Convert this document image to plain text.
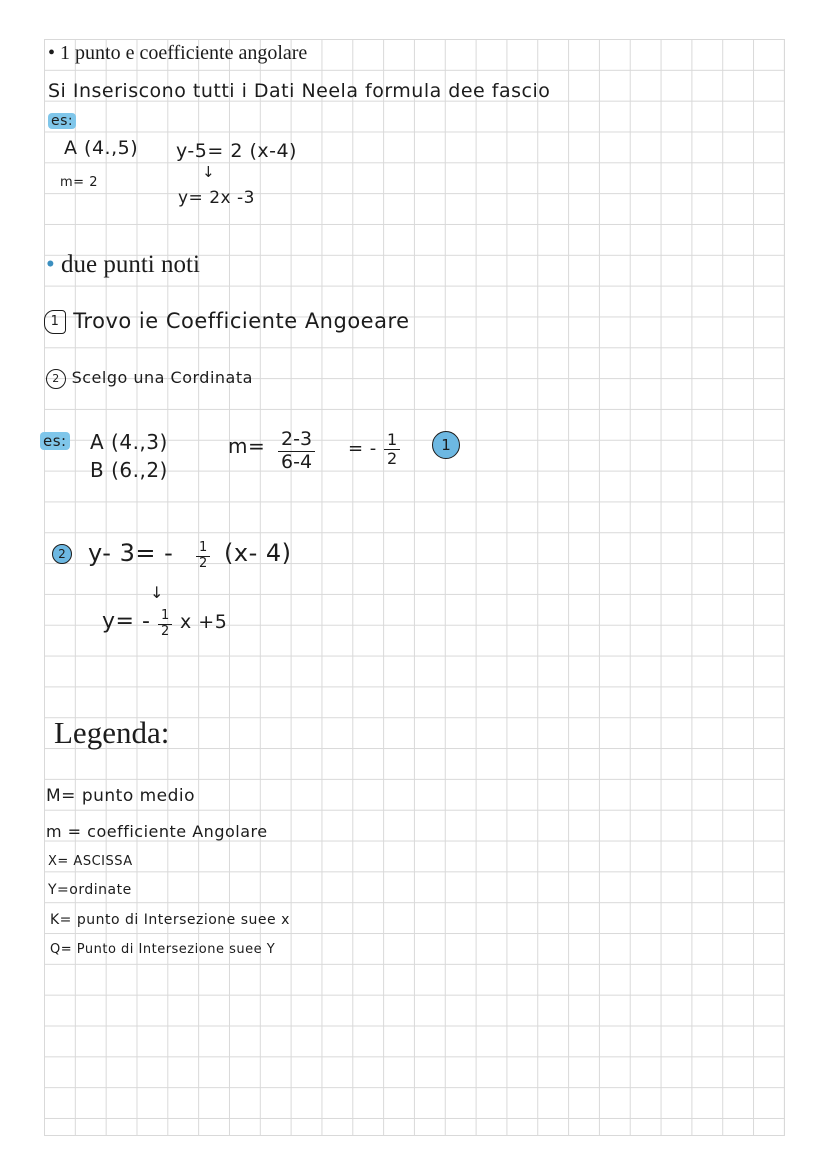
• 1 punto e coefficiente angolare
Si Inseriscono tutti i Dati Neela formula dee fascio
es:
A (4.,5)
m= 2
y-5= 2 (x-4)
↓
y= 2x -3
• due punti noti
1 Trovo ie Coefficiente Angoeare
2 Scelgo una Cordinata
es: A (4.,3)
B (6.,2)
$m= \frac{2-3}{6-4}$ = - $\frac{1}{2}$	1
2 y- $3= - \frac{1}{2} (x-$ 4)
↓
$y= - \frac{1}{2}$ x +5
Legenda:
M= punto medio
m = coefficiente Angolare
X= ASCISSA
Y=ordinate
K= punto di Intersezione suee x
Q= Punto di Intersezione suee Y
